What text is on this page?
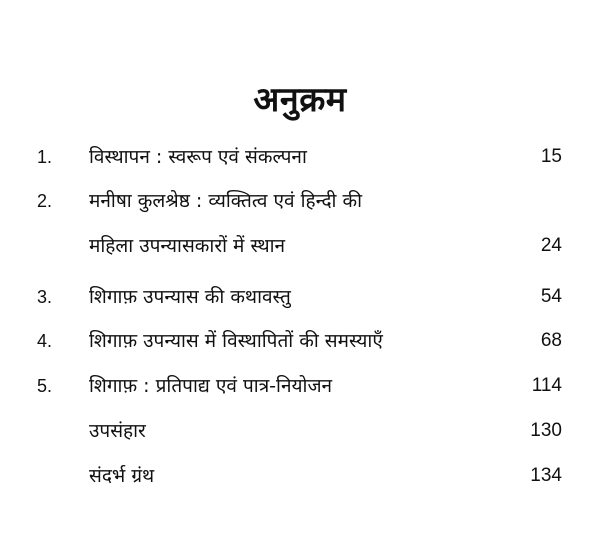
अनुक्रम
1.	विस्थापन : स्वरूप एवं संकल्पना	15
2.	मनीषा कुलश्रेष्ठ : व्यक्तित्व एवं हिन्दी की
महिला उपन्यासकारों में स्थान	24
3.	शिगाफ़ उपन्यास की कथावस्तु	54
4.	शिगाफ़ उपन्यास में विस्थापितों की समस्याएँ	68
5.	शिगाफ़ : प्रतिपाद्य एवं पात्र-नियोजन	114
उपसंहार	130
संदर्भ ग्रंथ	134
